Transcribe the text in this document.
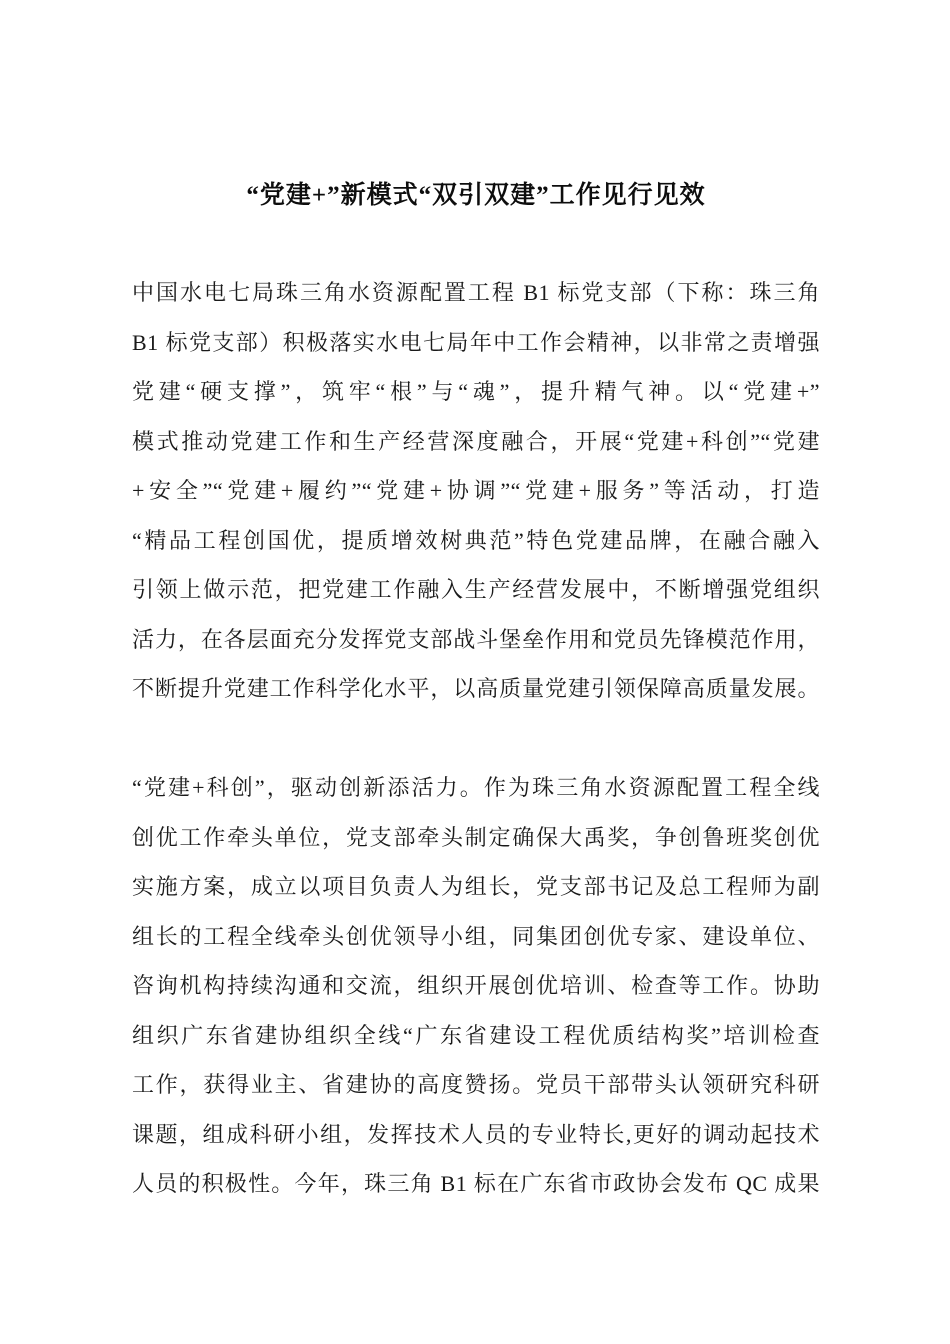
“党建+”新模式“双引双建”工作见行见效
中国水电七局珠三角水资源配置工程 B1 标党支部（下称：珠三角
B1 标党支部）积极落实水电七局年中工作会精神，以非常之责增强
党建“硬支撑”，筑牢“根”与“魂”，提升精气神。以“党建+”
模式推动党建工作和生产经营深度融合，开展“党建+科创”“党建
+安全”“党建+履约”“党建+协调”“党建+服务”等活动，打造
“精品工程创国优，提质增效树典范”特色党建品牌，在融合融入
引领上做示范，把党建工作融入生产经营发展中，不断增强党组织
活力，在各层面充分发挥党支部战斗堡垒作用和党员先锋模范作用，
不断提升党建工作科学化水平，以高质量党建引领保障高质量发展。
“党建+科创”，驱动创新添活力。作为珠三角水资源配置工程全线
创优工作牵头单位，党支部牵头制定确保大禹奖，争创鲁班奖创优
实施方案，成立以项目负责人为组长，党支部书记及总工程师为副
组长的工程全线牵头创优领导小组，同集团创优专家、建设单位、
咨询机构持续沟通和交流，组织开展创优培训、检查等工作。协助
组织广东省建协组织全线“广东省建设工程优质结构奖”培训检查
工作，获得业主、省建协的高度赞扬。党员干部带头认领研究科研
课题，组成科研小组，发挥技术人员的专业特长,更好的调动起技术
人员的积极性。今年，珠三角 B1 标在广东省市政协会发布 QC 成果
